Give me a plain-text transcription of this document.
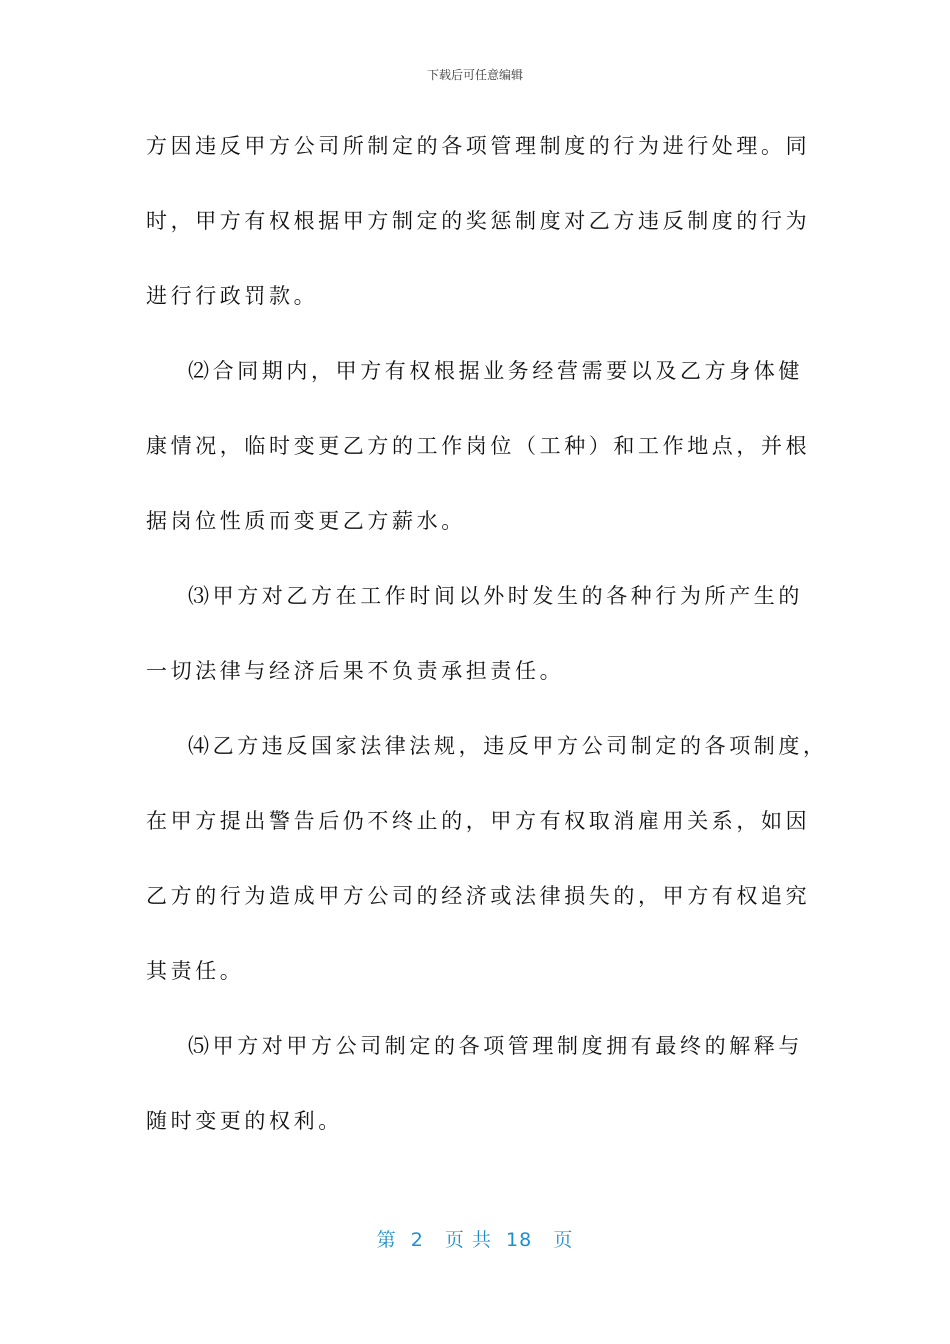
下载后可任意编辑
方因违反甲方公司所制定的各项管理制度的行为进行处理。同
时，甲方有权根据甲方制定的奖惩制度对乙方违反制度的行为
进行行政罚款。
⑵合同期内，甲方有权根据业务经营需要以及乙方身体健
康情况，临时变更乙方的工作岗位（工种）和工作地点，并根
据岗位性质而变更乙方薪水。
⑶甲方对乙方在工作时间以外时发生的各种行为所产生的
一切法律与经济后果不负责承担责任。
⑷乙方违反国家法律法规，违反甲方公司制定的各项制度，
在甲方提出警告后仍不终止的，甲方有权取消雇用关系，如因
乙方的行为造成甲方公司的经济或法律损失的，甲方有权追究
其责任。
⑸甲方对甲方公司制定的各项管理制度拥有最终的解释与
随时变更的权利。
第  2   页 共  18   页
